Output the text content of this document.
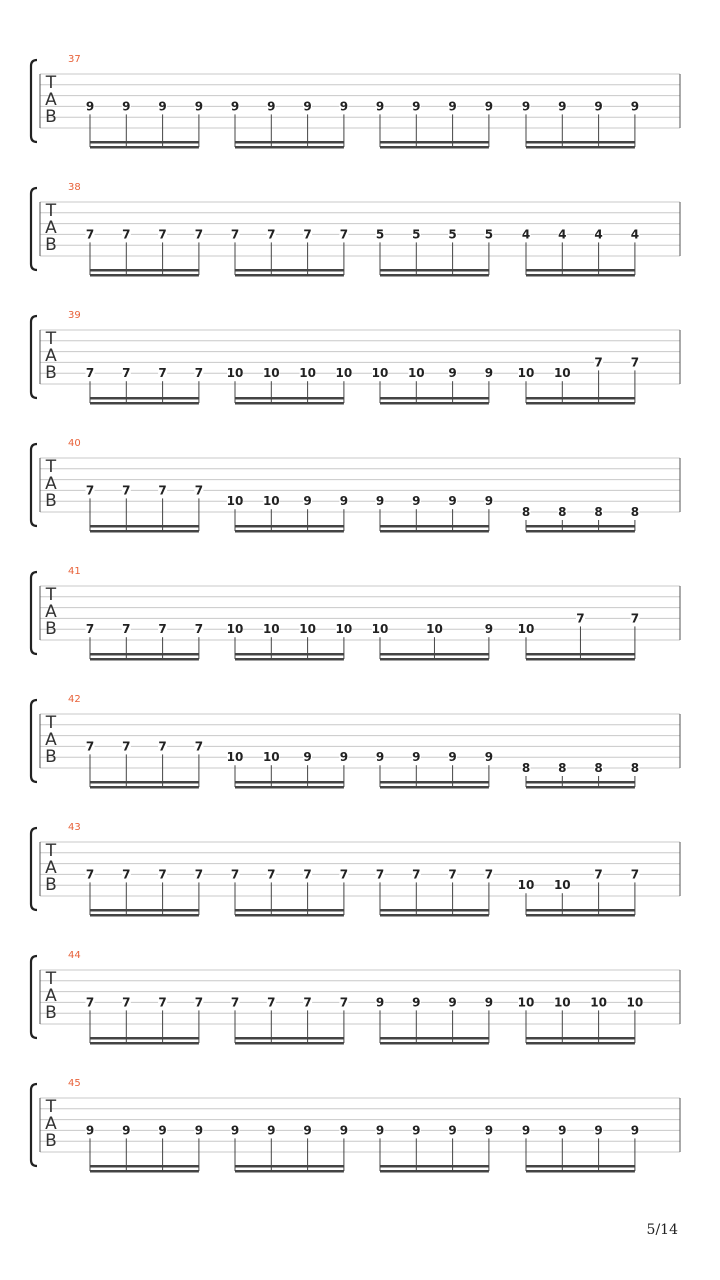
37
T
A
B
9 9 9 9 9 9 9 9 9 9 9 9 9 9 9 9
38
T
A
B
7 7 7 7 7 7 7 7 5 5 5 5 4 4 4 4
39
T
A
B 7 7 7 7 10 10 10 10 10 10 9 9 10 10
7 7
40
T
A
B
7 7 7 7
10 10 9 9 9 9 9 9
8 8 8 8
41
T
A
B 7 7 7 7 10 10 10 10 10	10	9 10
7	7
42
T
A
B
7 7 7 7
10 10 9 9 9 9 9 9
8 8 8 8
43
T
A
B
7 7 7 7 7 7 7 7 7 7 7 7
10 10
7 7
44
T
A
B
7 7 7 7 7 7 7 7 9 9 9 9 10 10 10 10
45
T
A
B
9 9 9 9 9 9 9 9 9 9 9 9 9 9 9 9
5/14
